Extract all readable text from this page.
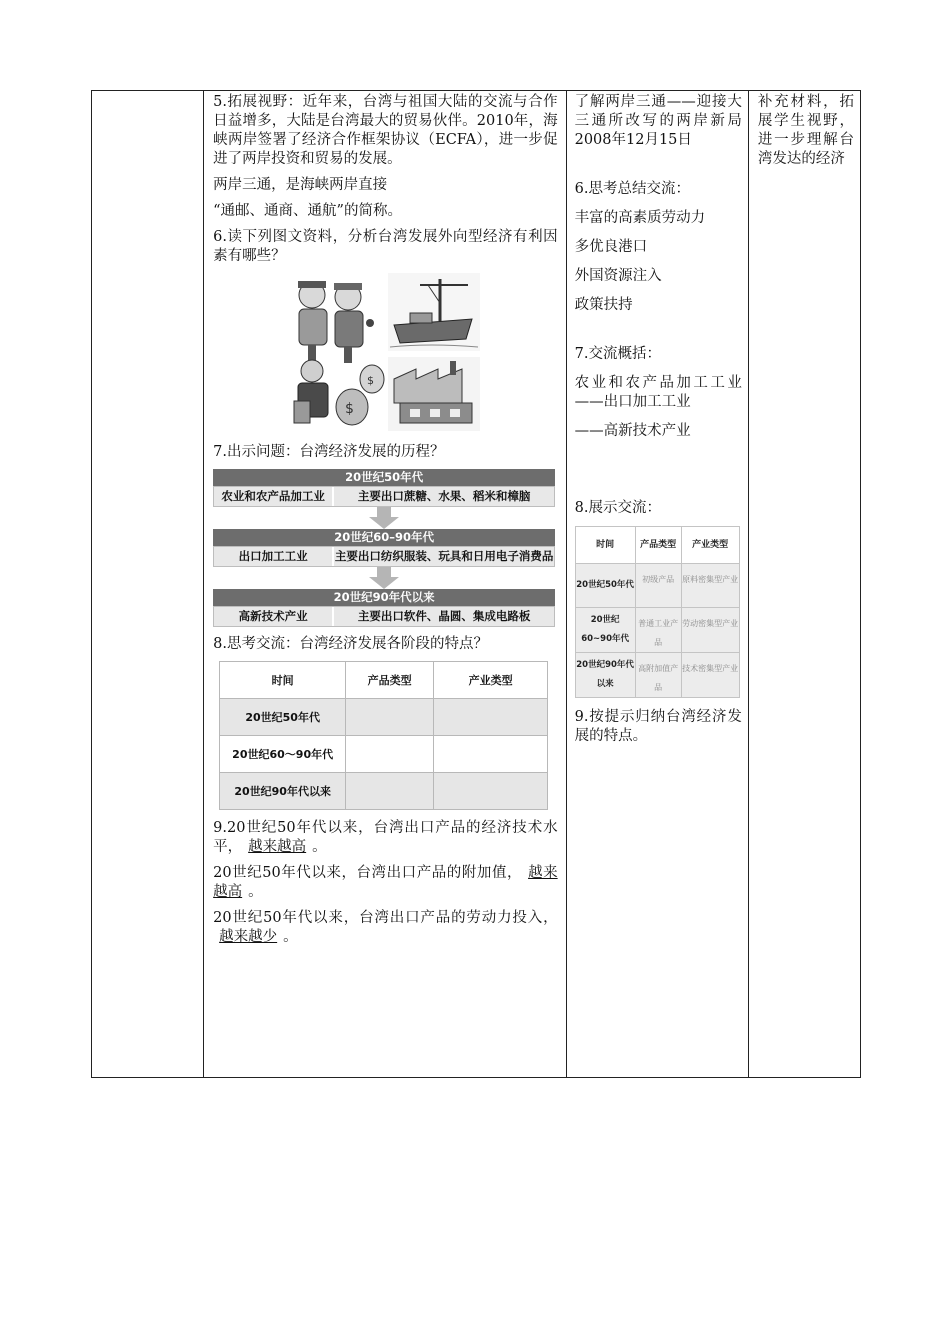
5.拓展视野：近年来，台湾与祖国大陆的交流与合作日益增多，大陆是台湾最大的贸易伙伴。2010年，海峡两岸签署了经济合作框架协议（ECFA），进一步促进了两岸投资和贸易的发展。

两岸三通，是海峡两岸直接

“通邮、通商、通航”的简称。

6.读下列图文资料，分析台湾发展外向型经济有利因素有哪些？

$
$

7.出示问题：台湾经济发展的历程？

20世纪50年代
农业和农产品加工业	主要出口蔗糖、水果、稻米和樟脑
20世纪60–90年代
出口加工工业	主要出口纺织服装、玩具和日用电子消费品
20世纪90年代以来
高新技术产业	主要出口软件、晶圆、集成电路板

8.思考交流：台湾经济发展各阶段的特点？

时间	产品类型	产业类型
20世纪50年代		
20世纪60～90年代		
20世纪90年代以来		

9.20世纪50年代以来，台湾出口产品的经济技术水平， 越来越高 。

20世纪50年代以来，台湾出口产品的附加值， 越来越高 。

20世纪50年代以来，台湾出口产品的劳动力投入，越来越少 。

了解两岸三通——迎接大三通所改写的两岸新局 2008年12月15日

6.思考总结交流：

丰富的高素质劳动力

多优良港口

外国资源注入

政策扶持

7.交流概括：

农业和农产品加工工业——出口加工工业

——高新技术产业

8.展示交流：

时间	产品类型	产业类型
20世纪50年代	初级产品	原料密集型产业
20世纪60~90年代	普通工业产品	劳动密集型产业
20世纪90年代以来	高附加值产品	技术密集型产业

9.按提示归纳台湾经济发展的特点。

补充材料，拓展学生视野，进一步理解台湾发达的经济
